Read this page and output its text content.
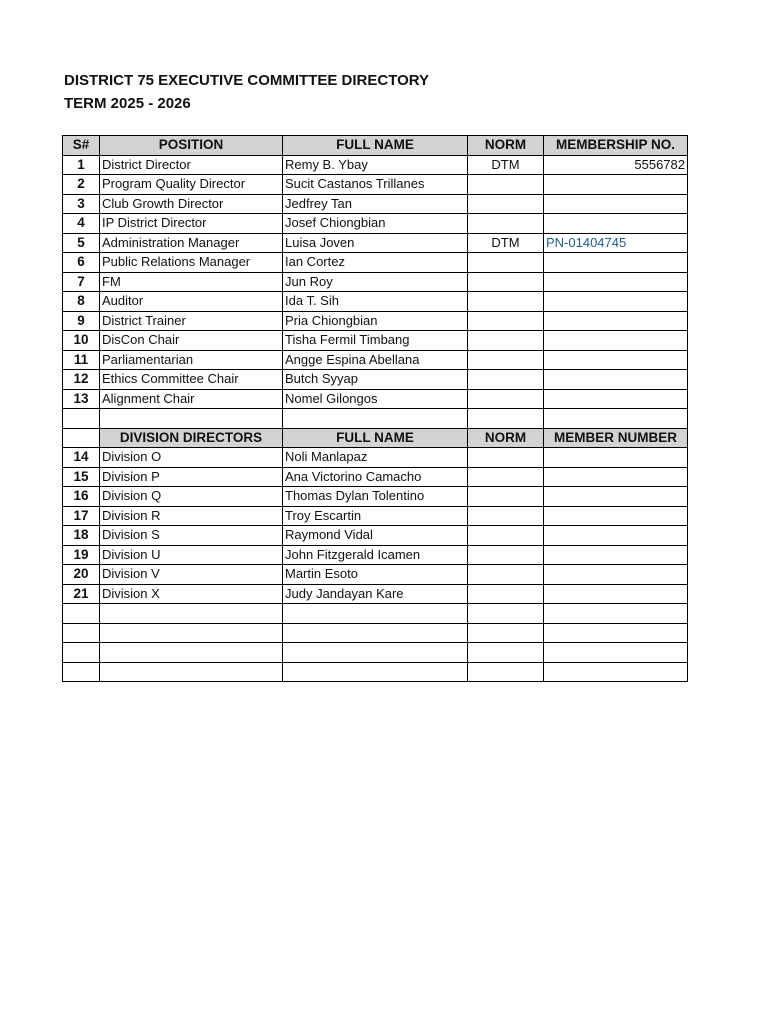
DISTRICT 75 EXECUTIVE COMMITTEE DIRECTORY
TERM 2025 - 2026
S#	POSITION	FULL NAME	NORM	MEMBERSHIP NO.
1	District Director	Remy B. Ybay	DTM	5556782
2	Program Quality Director	Sucit Castanos Trillanes		
3	Club Growth Director	Jedfrey Tan		
4	IP District Director	Josef Chiongbian		
5	Administration Manager	Luisa Joven	DTM	PN-01404745
6	Public Relations Manager	Ian Cortez		
7	FM	Jun Roy		
8	Auditor	Ida T. Sih		
9	District Trainer	Pria Chiongbian		
10	DisCon Chair	Tisha Fermil Timbang		
11	Parliamentarian	Angge Espina Abellana		
12	Ethics Committee Chair	Butch Syyap		
13	Alignment Chair	Nomel Gilongos		

	DIVISION DIRECTORS	FULL NAME	NORM	MEMBER NUMBER
14	Division O	Noli Manlapaz		
15	Division P	Ana Victorino Camacho		
16	Division Q	Thomas Dylan Tolentino		
17	Division R	Troy Escartin		
18	Division S	Raymond Vidal		
19	Division U	John Fitzgerald Icamen		
20	Division V	Martin Esoto		
21	Division X	Judy Jandayan Kare		
